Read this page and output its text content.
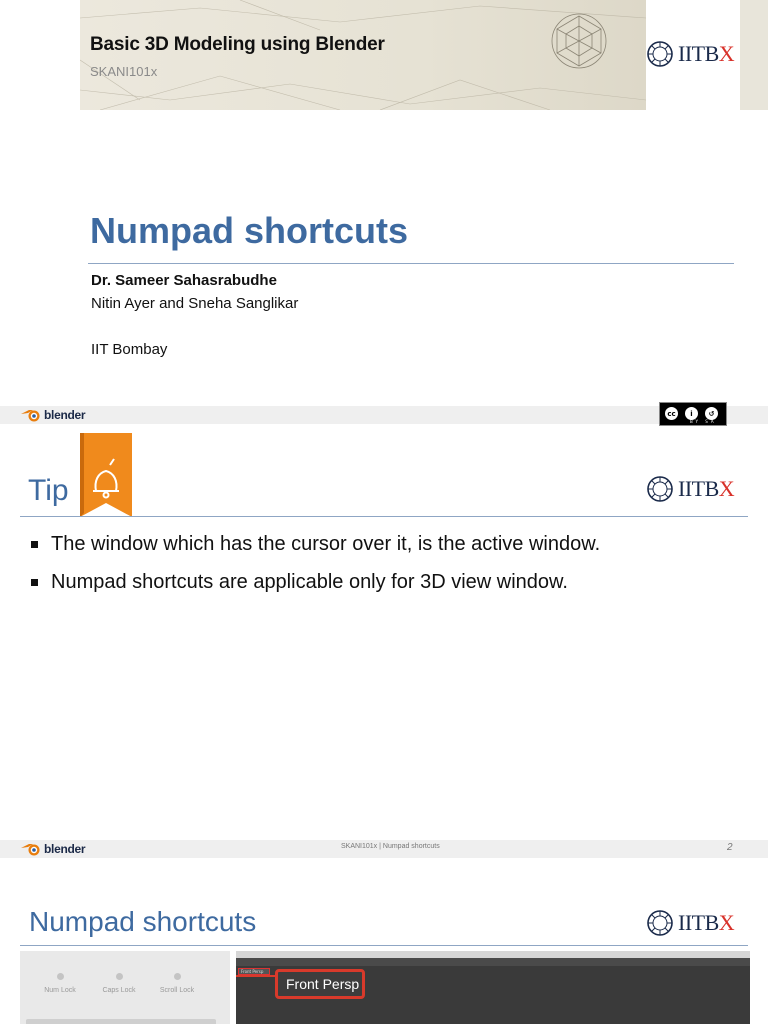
Basic 3D Modeling using Blender
SKANI101x
IITBX
Numpad shortcuts
Dr. Sameer Sahasrabudhe
Nitin Ayer and Sneha Sanglikar
IIT Bombay
blender	cc	i	↺
BY SA
Tip	IITBX
The window which has the cursor over it, is the active window.
Numpad shortcuts are applicable only for 3D view window.
blender	SKANI101x | Numpad shortcuts	2
Numpad shortcuts	IITBX
Num Lock	Caps Lock	Scroll Lock
Front Persp
Front Persp
